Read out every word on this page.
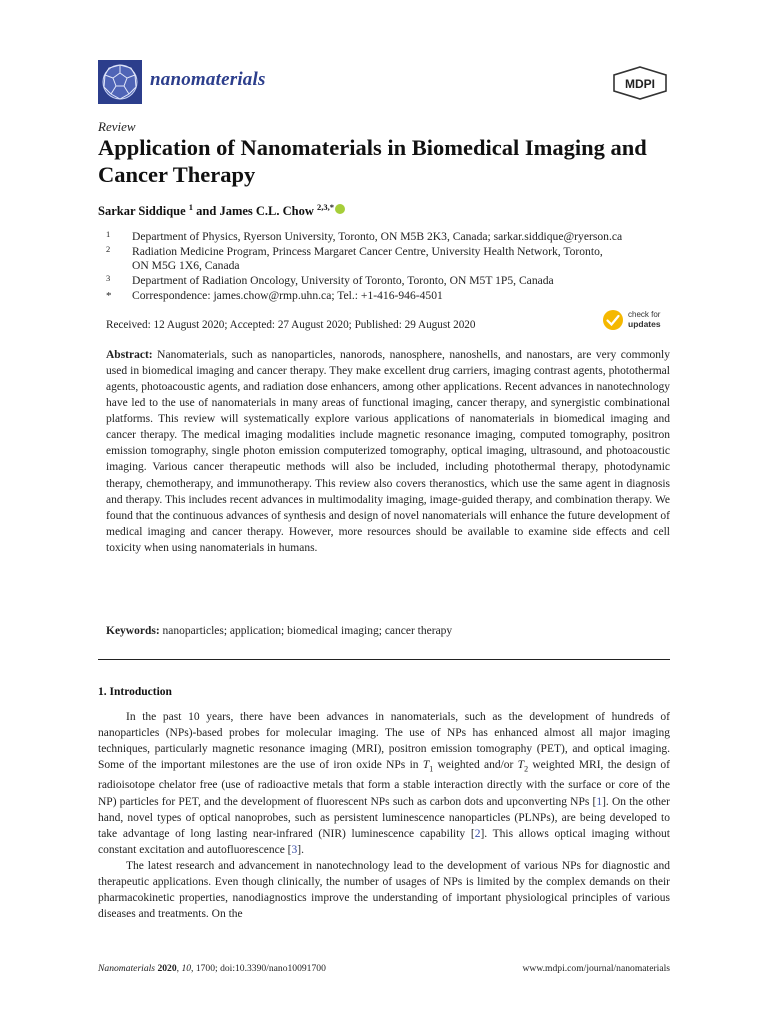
nanomaterials	MDPI
Review
Application of Nanomaterials in Biomedical Imaging and Cancer Therapy
Sarkar Siddique $^1$ and James C.L. Chow $^{2,3,*}$
1 Department of Physics, Ryerson University, Toronto, ON M5B 2K3, Canada; sarkar.siddique@ryerson.ca
2 Radiation Medicine Program, Princess Margaret Cancer Centre, University Health Network, Toronto,
ON M5G 1X6, Canada
3 Department of Radiation Oncology, University of Toronto, Toronto, ON M5T 1P5, Canada
* Correspondence: james.chow@rmp.uhn.ca; Tel.: +1-416-946-4501
Received: 12 August 2020; Accepted: 27 August 2020; Published: 29 August 2020
check for
updates
Abstract: Nanomaterials, such as nanoparticles, nanorods, nanosphere, nanoshells, and nanostars, are very commonly used in biomedical imaging and cancer therapy. They make excellent drug carriers, imaging contrast agents, photothermal agents, photoacoustic agents, and radiation dose enhancers, among other applications. Recent advances in nanotechnology have led to the use of nanomaterials in many areas of functional imaging, cancer therapy, and synergistic combinational platforms. This review will systematically explore various applications of nanomaterials in biomedical imaging and cancer therapy. The medical imaging modalities include magnetic resonance imaging, computed tomography, positron emission tomography, single photon emission computerized tomography, optical imaging, ultrasound, and photoacoustic imaging. Various cancer therapeutic methods will also be included, including photothermal therapy, photodynamic therapy, chemotherapy, and immunotherapy. This review also covers theranostics, which use the same agent in diagnosis and therapy. This includes recent advances in multimodality imaging, image-guided therapy, and combination therapy. We found that the continuous advances of synthesis and design of novel nanomaterials will enhance the future development of medical imaging and cancer therapy. However, more resources should be available to examine side effects and cell toxicity when using nanomaterials in humans.
Keywords: nanoparticles; application; biomedical imaging; cancer therapy
1. Introduction

In the past 10 years, there have been advances in nanomaterials, such as the development of hundreds of nanoparticles (NPs)-based probes for molecular imaging. The use of NPs has enhanced almost all major imaging techniques, particularly magnetic resonance imaging (MRI), positron emission tomography (PET), and optical imaging. Some of the important milestones are the use of iron oxide NPs in $T_1$ weighted and/or $T_2$ weighted MRI, the design of radioisotope chelator free (use of radioactive metals that form a stable interaction directly with the surface or core of the NP) particles for PET, and the development of fluorescent NPs such as carbon dots and upconverting NPs [1]. On the other hand, novel types of optical nanoprobes, such as persistent luminescence nanoparticles (PLNPs), are being developed to take advantage of long lasting near-infrared (NIR) luminescence capability [2]. This allows optical imaging without constant excitation and autofluorescence [3].

The latest research and advancement in nanotechnology lead to the development of various NPs for diagnostic and therapeutic applications. Even though clinically, the number of usages of NPs is limited by the complex demands on their pharmacokinetic properties, nanodiagnostics improve the understanding of important physiological principles of various diseases and treatments. On the

Nanomaterials 2020, 10, 1700; doi:10.3390/nano10091700	www.mdpi.com/journal/nanomaterials
